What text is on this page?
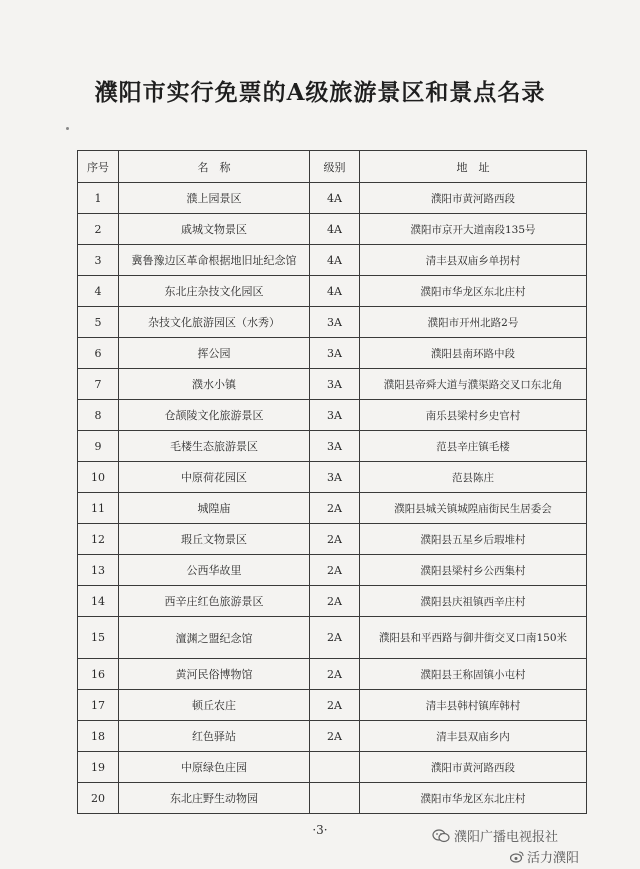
濮阳市实行免票的A级旅游景区和景点名录
序号	名　称	级别	地　址
1	濮上园景区	4A	濮阳市黄河路西段
2	戚城文物景区	4A	濮阳市京开大道南段135号
3	冀鲁豫边区革命根据地旧址纪念馆	4A	清丰县双庙乡单拐村
4	东北庄杂技文化园区	4A	濮阳市华龙区东北庄村
5	杂技文化旅游园区（水秀）	3A	濮阳市开州北路2号
6	挥公园	3A	濮阳县南环路中段
7	濮水小镇	3A	濮阳县帝舜大道与濮渠路交叉口东北角
8	仓颉陵文化旅游景区	3A	南乐县梁村乡史官村
9	毛楼生态旅游景区	3A	范县辛庄镇毛楼
10	中原荷花园区	3A	范县陈庄
11	城隍庙	2A	濮阳县城关镇城隍庙街民生居委会
12	瑕丘文物景区	2A	濮阳县五星乡后瑕堆村
13	公西华故里	2A	濮阳县梁村乡公西集村
14	西辛庄红色旅游景区	2A	濮阳县庆祖镇西辛庄村
15	澶渊之盟纪念馆	2A	濮阳县和平西路与御井街交叉口南150米
16	黄河民俗博物馆	2A	濮阳县王称固镇小屯村
17	顿丘农庄	2A	清丰县韩村镇库韩村
18	红色驿站	2A	清丰县双庙乡内
19	中原绿色庄园		濮阳市黄河路西段
20	东北庄野生动物园		濮阳市华龙区东北庄村
·3·	濮阳广播电视报社
活力濮阳
